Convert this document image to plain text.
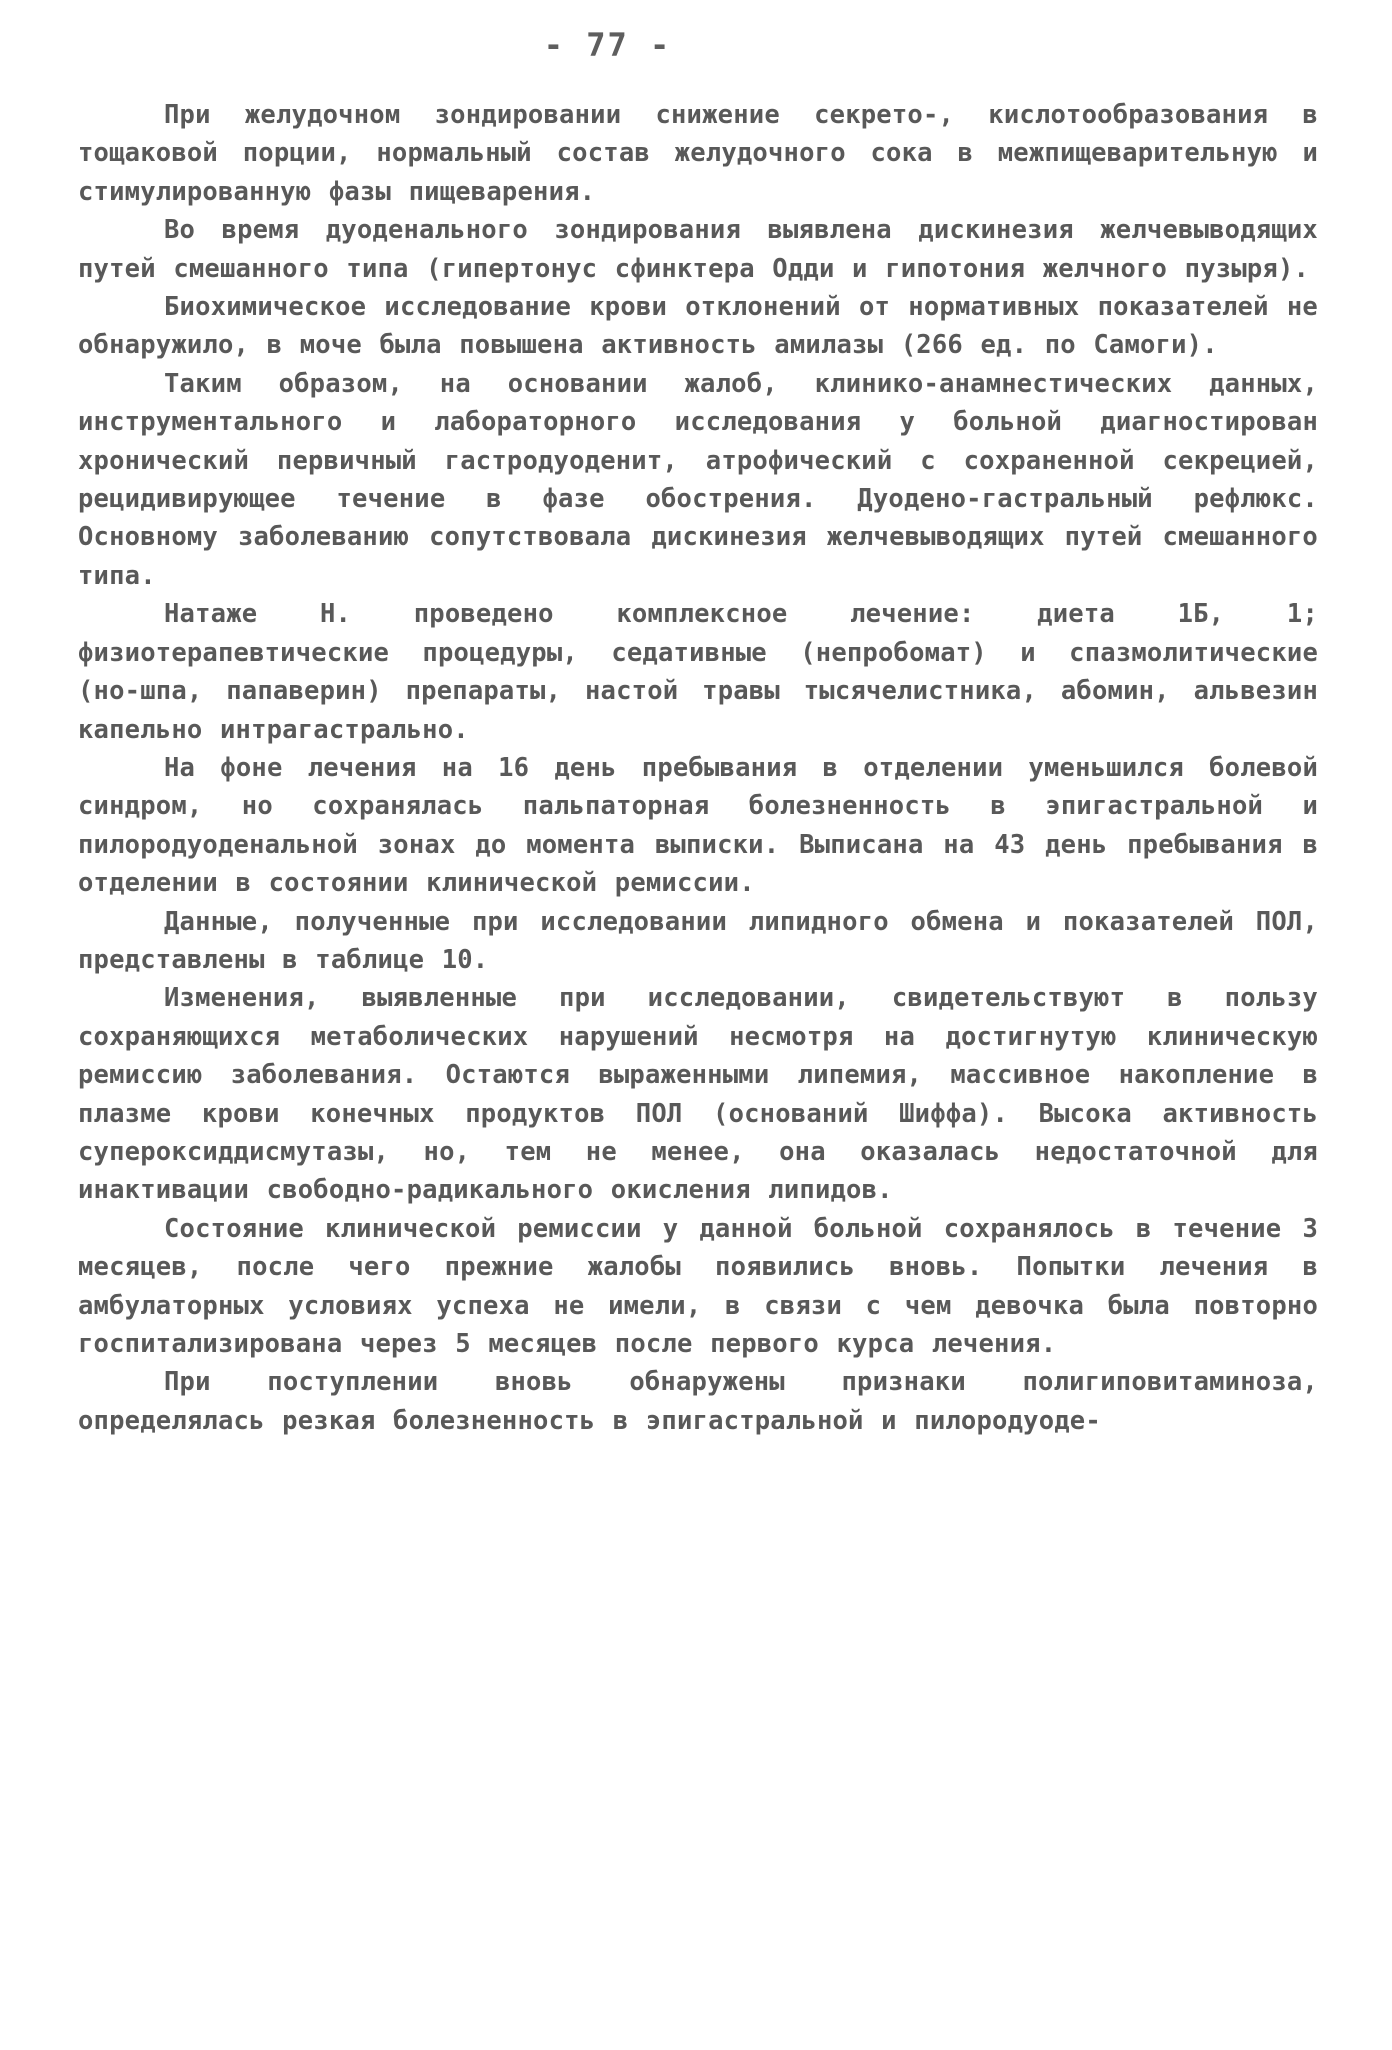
- 77 -

При желудочном зондировании снижение секрето-, кислотообразования в тощаковой порции, нормальный состав желудочного сока в межпищеварительную и стимулированную фазы пищеварения.

Во время дуоденального зондирования выявлена дискинезия желчевыводящих путей смешанного типа (гипертонус сфинктера Одди и гипотония желчного пузыря).

Биохимическое исследование крови отклонений от нормативных показателей не обнаружило, в моче была повышена активность амилазы (266 ед. по Самоги).

Таким образом, на основании жалоб, клинико-анамнестических данных, инструментального и лабораторного исследования у больной диагностирован хронический первичный гастродуоденит, атрофический с сохраненной секрецией, рецидивирующее течение в фазе обострения. Дуодено-гастральный рефлюкс. Основному заболеванию сопутствовала дискинезия желчевыводящих путей смешанного типа.

Натаже Н. проведено комплексное лечение: диета 1Б, 1; физиотерапевтические процедуры, седативные (непробомат) и спазмолитические (но-шпа, папаверин) препараты, настой травы тысячелистника, абомин, альвезин капельно интрагастрально.

На фоне лечения на 16 день пребывания в отделении уменьшился болевой синдром, но сохранялась пальпаторная болезненность в эпигастральной и пилородуоденальной зонах до момента выписки. Выписана на 43 день пребывания в отделении в состоянии клинической ремиссии.

Данные, полученные при исследовании липидного обмена и показателей ПОЛ, представлены в таблице 10.

Изменения, выявленные при исследовании, свидетельствуют в пользу сохраняющихся метаболических нарушений несмотря на достигнутую клиническую ремиссию заболевания. Остаются выраженными липемия, массивное накопление в плазме крови конечных продуктов ПОЛ (оснований Шиффа). Высока активность супероксиддисмутазы, но, тем не менее, она оказалась недостаточной для инактивации свободно-радикального окисления липидов.

Состояние клинической ремиссии у данной больной сохранялось в течение 3 месяцев, после чего прежние жалобы появились вновь. Попытки лечения в амбулаторных условиях успеха не имели, в связи с чем девочка была повторно госпитализирована через 5 месяцев после первого курса лечения.

При поступлении вновь обнаружены признаки полигиповитаминоза, определялась резкая болезненность в эпигастральной и пилородуоде-
